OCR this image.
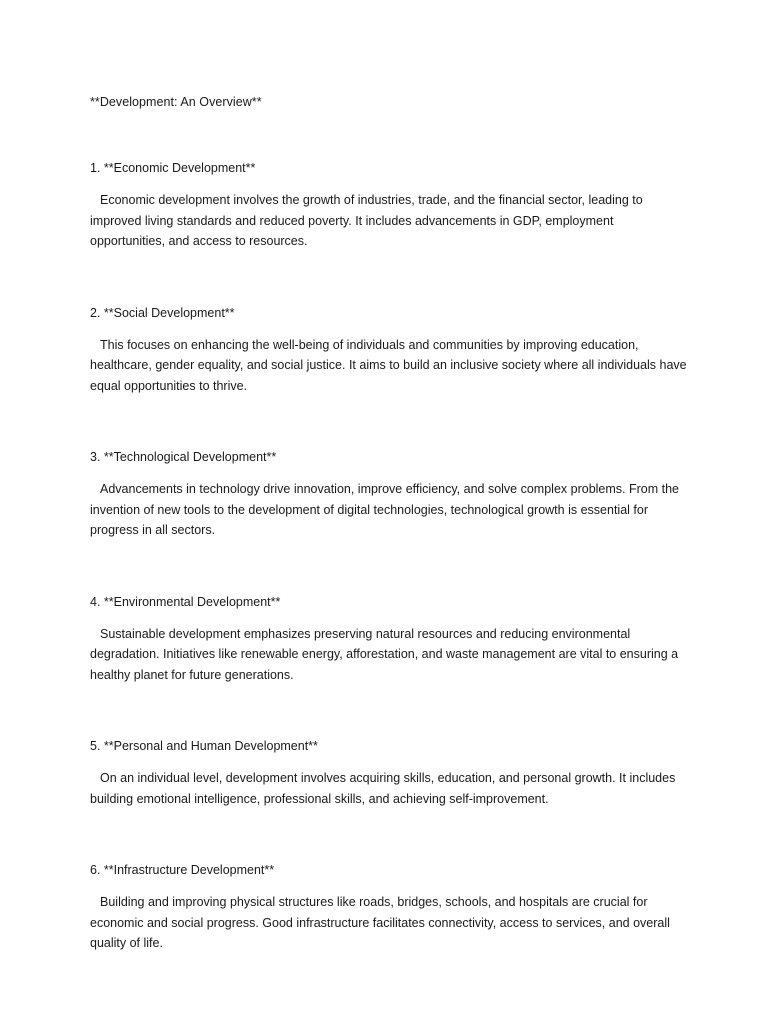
**Development: An Overview**

1. **Economic Development**

Economic development involves the growth of industries, trade, and the financial sector, leading to improved living standards and reduced poverty. It includes advancements in GDP, employment opportunities, and access to resources.

2. **Social Development**

This focuses on enhancing the well-being of individuals and communities by improving education, healthcare, gender equality, and social justice. It aims to build an inclusive society where all individuals have equal opportunities to thrive.

3. **Technological Development**

Advancements in technology drive innovation, improve efficiency, and solve complex problems. From the invention of new tools to the development of digital technologies, technological growth is essential for progress in all sectors.

4. **Environmental Development**

Sustainable development emphasizes preserving natural resources and reducing environmental degradation. Initiatives like renewable energy, afforestation, and waste management are vital to ensuring a healthy planet for future generations.

5. **Personal and Human Development**

On an individual level, development involves acquiring skills, education, and personal growth. It includes building emotional intelligence, professional skills, and achieving self-improvement.

6. **Infrastructure Development**

Building and improving physical structures like roads, bridges, schools, and hospitals are crucial for economic and social progress. Good infrastructure facilitates connectivity, access to services, and overall quality of life.
